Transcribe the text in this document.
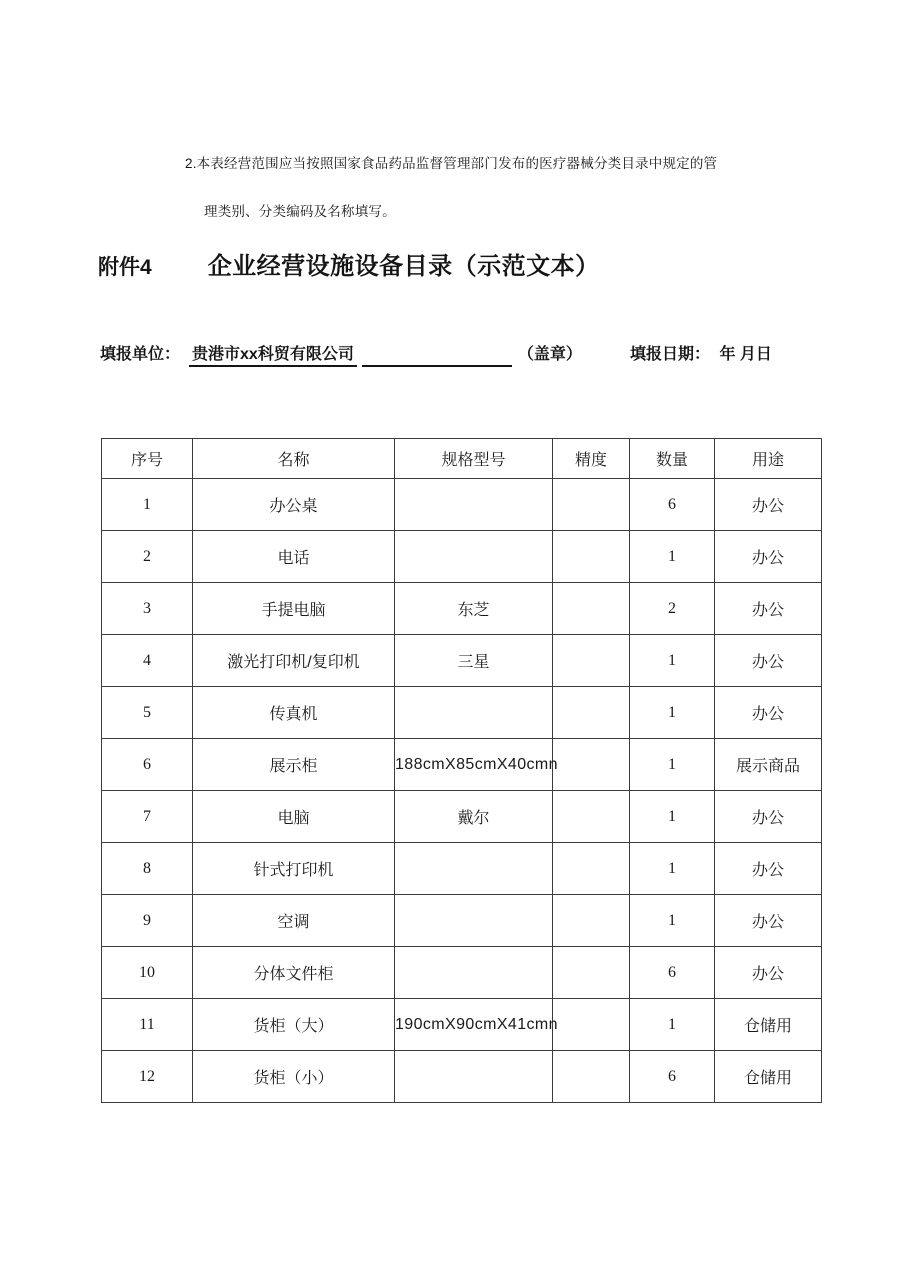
2.本表经营范围应当按照国家食品药品监督管理部门发布的医疗器械分类目录中规定的管
理类别、分类编码及名称填写。
附件4 企业经营设施设备目录（示范文本）
填报单位： 贵港市xx科贸有限公司	（盖章）	填报日期： 年 月日
序号	名称	规格型号	精度	数量	用途
1	办公桌			6	办公
2	电话			1	办公
3	手提电脑	东芝		2	办公
4	激光打印机/复印机	三星		1	办公
5	传真机			1	办公
6	展示柜	188cmX85cmX40cmn		1	展示商品
7	电脑	戴尔		1	办公
8	针式打印机			1	办公
9	空调			1	办公
10	分体文件柜			6	办公
11	货柜（大）	190cmX90cmX41cmn		1	仓储用
12	货柜（小）			6	仓储用
